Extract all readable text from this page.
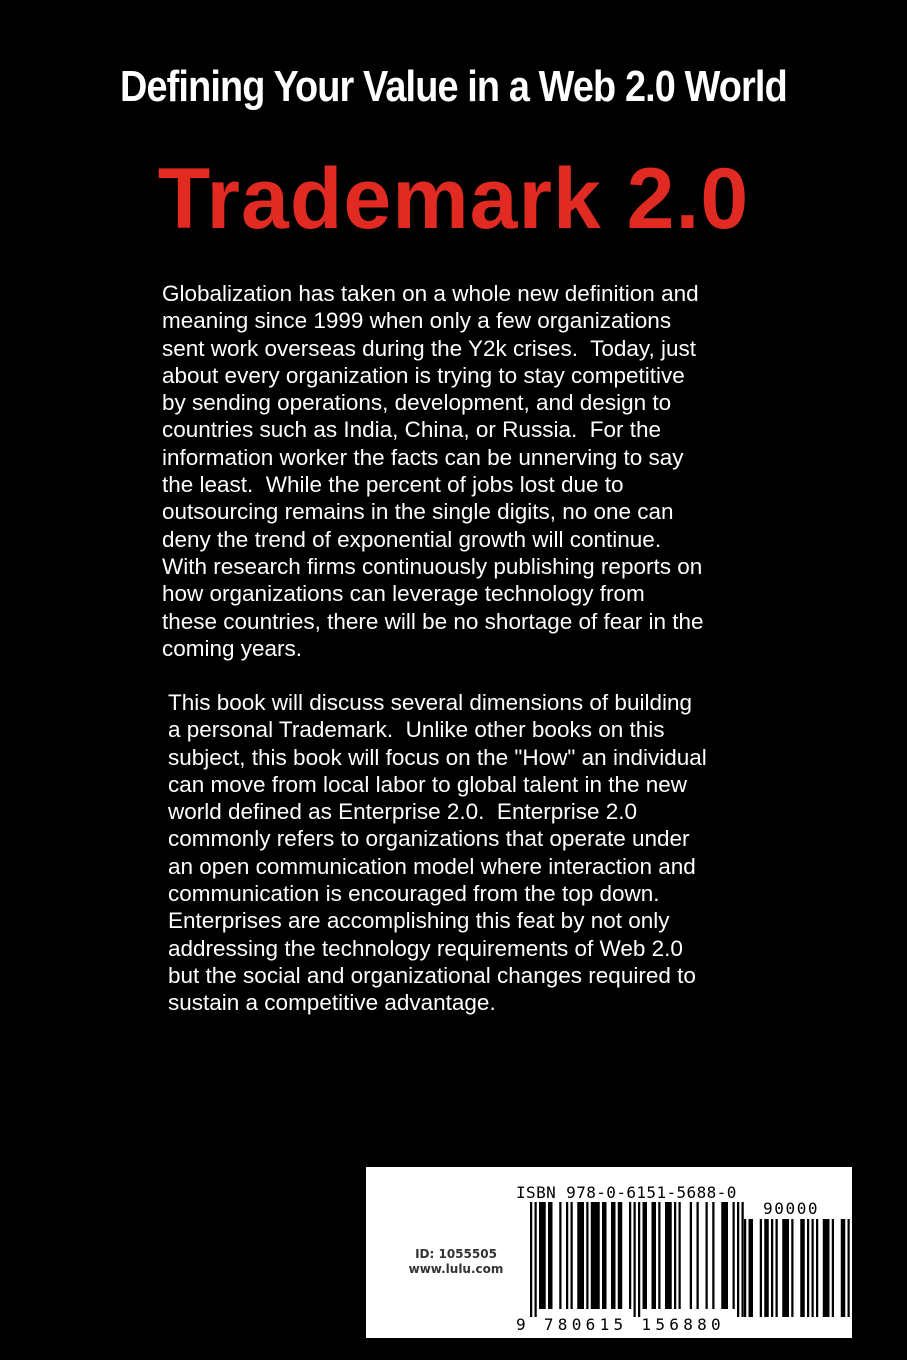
Defining Your Value in a Web 2.0 World
Trademark 2.0
Globalization has taken on a whole new definition and
meaning since 1999 when only a few organizations
sent work overseas during the Y2k crises.  Today, just
about every organization is trying to stay competitive
by sending operations, development, and design to
countries such as India, China, or Russia.  For the
information worker the facts can be unnerving to say
the least.  While the percent of jobs lost due to
outsourcing remains in the single digits, no one can
deny the trend of exponential growth will continue.
With research firms continuously publishing reports on
how organizations can leverage technology from
these countries, there will be no shortage of fear in the
coming years.
This book will discuss several dimensions of building
a personal Trademark.  Unlike other books on this
subject, this book will focus on the "How" an individual
can move from local labor to global talent in the new
world defined as Enterprise 2.0.  Enterprise 2.0
commonly refers to organizations that operate under
an open communication model where interaction and
communication is encouraged from the top down.
Enterprises are accomplishing this feat by not only
addressing the technology requirements of Web 2.0
but the social and organizational changes required to
sustain a competitive advantage.
ID: 1055505
www.lulu.com
ISBN 978-0-6151-5688-0
9 780615 156880
90000
